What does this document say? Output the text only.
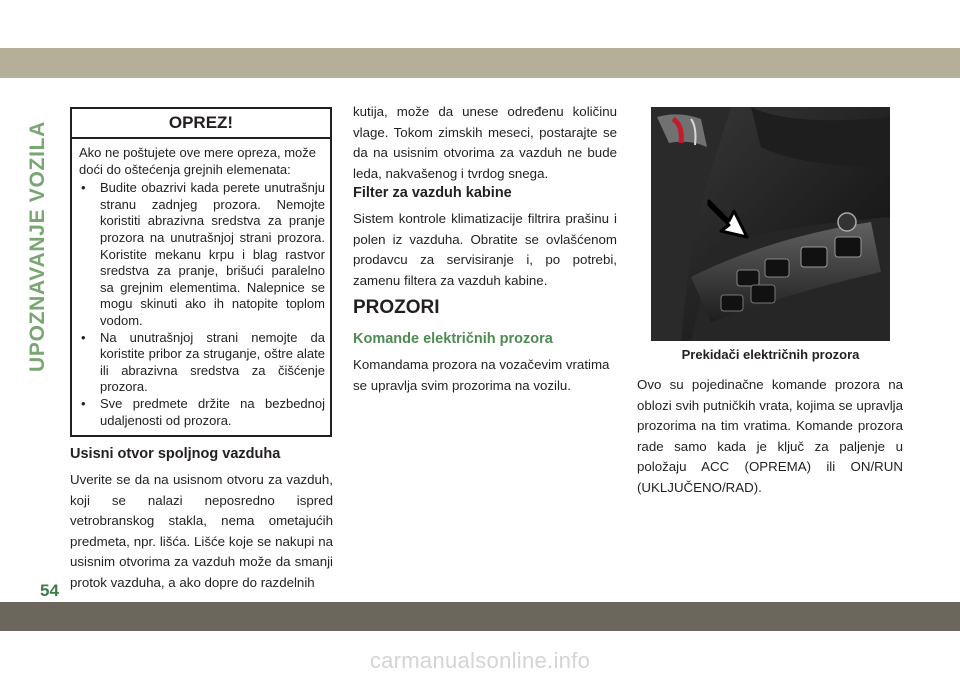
UPOZNAVANJE VOZILA	OPREZ!

Ako ne poštujete ove mere opreza, može doći do oštećenja grejnih elemenata:

• Budite obazrivi kada perete unutrašnju stranu zadnjeg prozora. Nemojte koristiti abrazivna sredstva za pranje prozora na unutrašnjoj strani prozora. Koristite mekanu krpu i blag rastvor sredstva za pranje, brišući paralelno sa grejnim elementima. Nalepnice se mogu skinuti ako ih natopite toplom vodom.
• Na unutrašnjoj strani nemojte da koristite pribor za struganje, oštre alate ili abrazivna sredstva za čišćenje prozora.
• Sve predmete držite na bezbednoj udaljenosti od prozora.
Usisni otvor spoljnog vazduha

Uverite se da na usisnom otvoru za vazduh, koji se nalazi neposredno ispred vetrobranskog stakla, nema ometajućih predmeta, npr. lišća. Lišće koje se nakupi na usisnim otvorima za vazduh može da smanji protok vazduha, a ako dopre do razdelnih

kutija, može da unese određenu količinu vlage. Tokom zimskih meseci, postarajte se da na usisnim otvorima za vazduh ne bude leda, nakvašenog i tvrdog snega.

Filter za vazduh kabine

Sistem kontrole klimatizacije filtrira prašinu i polen iz vazduha. Obratite se ovlašćenom prodavcu za servisiranje i, po potrebi, zamenu filtera za vazduh kabine.

PROZORI
Komande električnih prozora

Komandama prozora na vozačevim vratima se upravlja svim prozorima na vozilu.

Prekidači električnih prozora

Ovo su pojedinačne komande prozora na oblozi svih putničkih vrata, kojima se upravlja prozorima na tim vratima. Komande prozora rade samo kada je ključ za paljenje u položaju ACC (OPREMA) ili ON/RUN (UKLJUČENO/RAD).

54
carmanualsonline.info
